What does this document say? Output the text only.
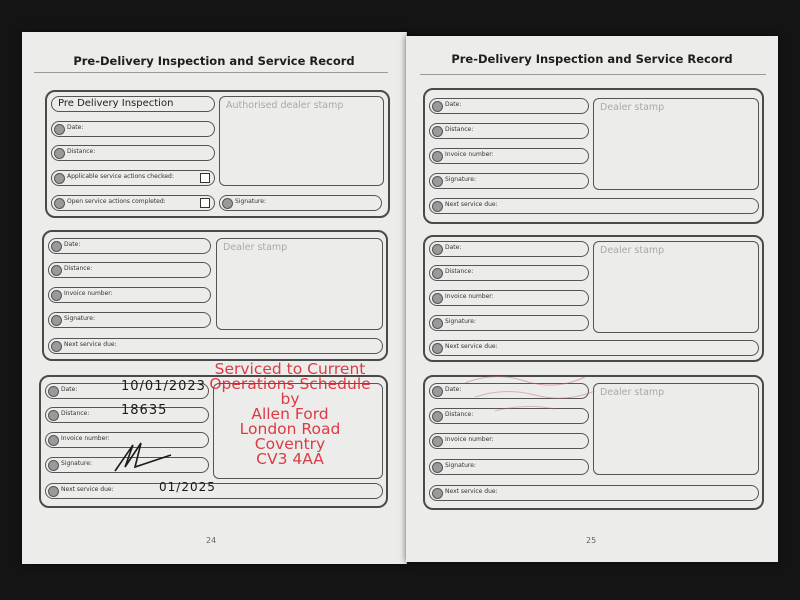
Pre-Delivery Inspection and Service Record
Pre Delivery Inspection
Date:
Distance:
Applicable service actions checked:
Open service actions completed:
Authorised dealer stamp
Signature:
Date:
Distance:
Invoice number:
Signature:
Dealer stamp
Next service due:
Date:
Distance:
Invoice number:
Signature:
Next service due:
10/01/2023
18635
01/2025
Serviced to Current
Operations Schedule by
Allen Ford
London Road
Coventry
CV3 4AA
24
Pre-Delivery Inspection and Service Record
Date:
Distance:
Invoice number:
Signature:
Dealer stamp
Next service due:
Date:
Distance:
Invoice number:
Signature:
Dealer stamp
Next service due:
Date:
Distance:
Invoice number:
Signature:
Dealer stamp
Next service due:
25
